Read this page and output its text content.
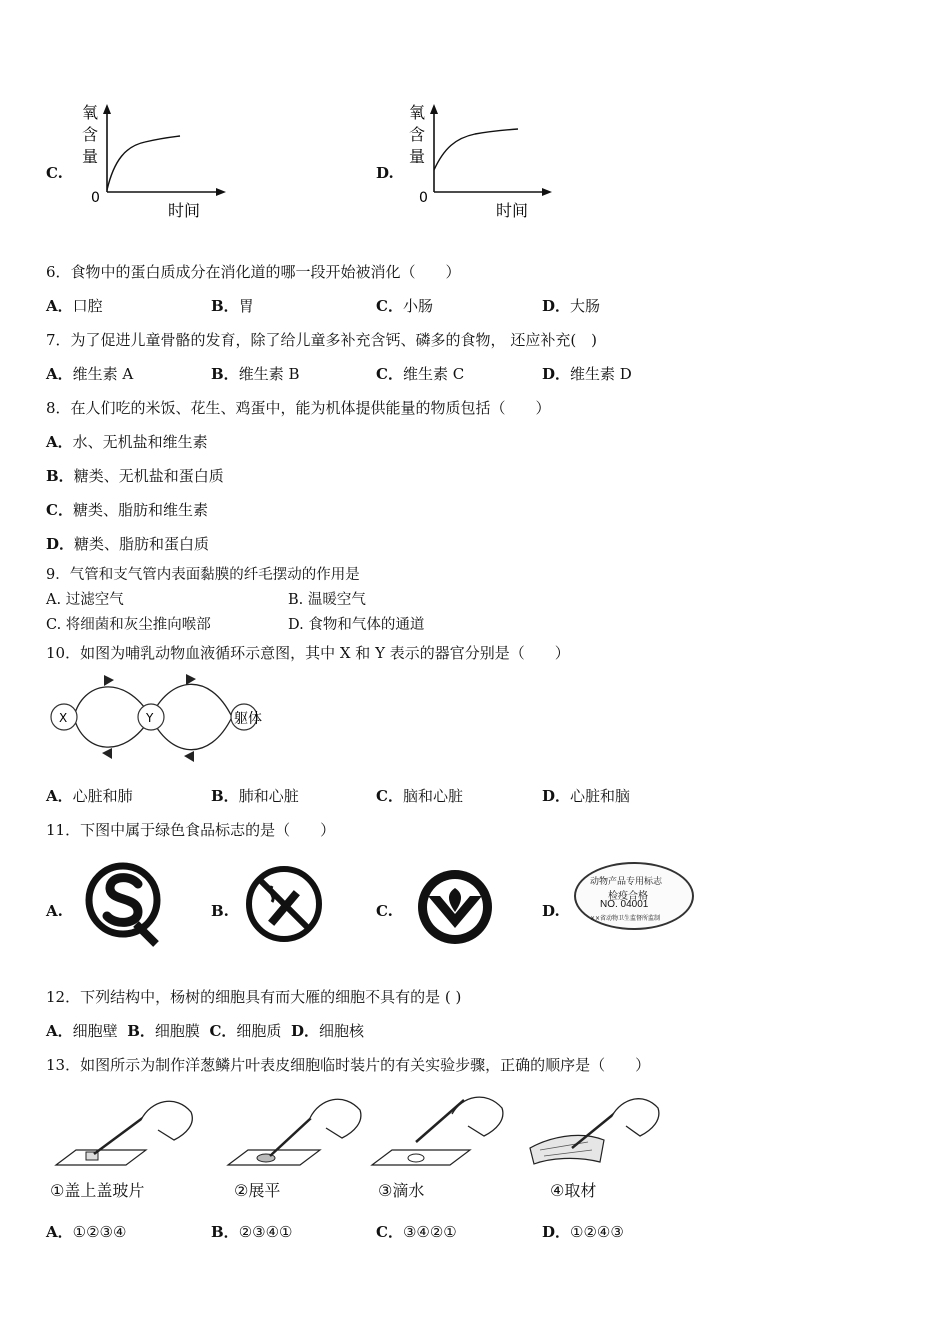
C.
氧
含
量
0
时间
D.
氧
含
量
0
时间
6．食物中的蛋白质成分在消化道的哪一段开始被消化（　　）
A．口腔	B．胃	C．小肠	D．大肠
7．为了促进儿童骨骼的发育，除了给儿童多补充含钙、磷多的食物， 还应补充(　)
A．维生素 A	B．维生素 B	C．维生素 C	D．维生素 D
8．在人们吃的米饭、花生、鸡蛋中，能为机体提供能量的物质包括（　　）
A．水、无机盐和维生素
B．糖类、无机盐和蛋白质
C．糖类、脂肪和维生素
D．糖类、脂肪和蛋白质
9．气管和支气管内表面黏膜的纤毛摆动的作用是
A. 过滤空气	B. 温暖空气
C. 将细菌和灰尘推向喉部	D. 食物和气体的通道
10．如图为哺乳动物血液循环示意图，其中 X 和 Y 表示的器官分别是（　　）
X	Y	躯体
A．心脏和肺	B．肺和心脏	C．脑和心脏	D．心脏和脑
11．下图中属于绿色食品标志的是（　　）
A.	B.	C.	D.
动物产品专用标志
检疫合格
NO. 04001
××省动物卫生监督所监制
12．下列结构中，杨树的细胞具有而大雁的细胞不具有的是 ( )
A．细胞壁 B．细胞膜 C．细胞质 D．细胞核
13．如图所示为制作洋葱鳞片叶表皮细胞临时装片的有关实验步骤，正确的顺序是（　　）
①盖上盖玻片	②展平	③滴水	④取材
A．①②③④	B．②③④①	C．③④②①	D．①②④③
